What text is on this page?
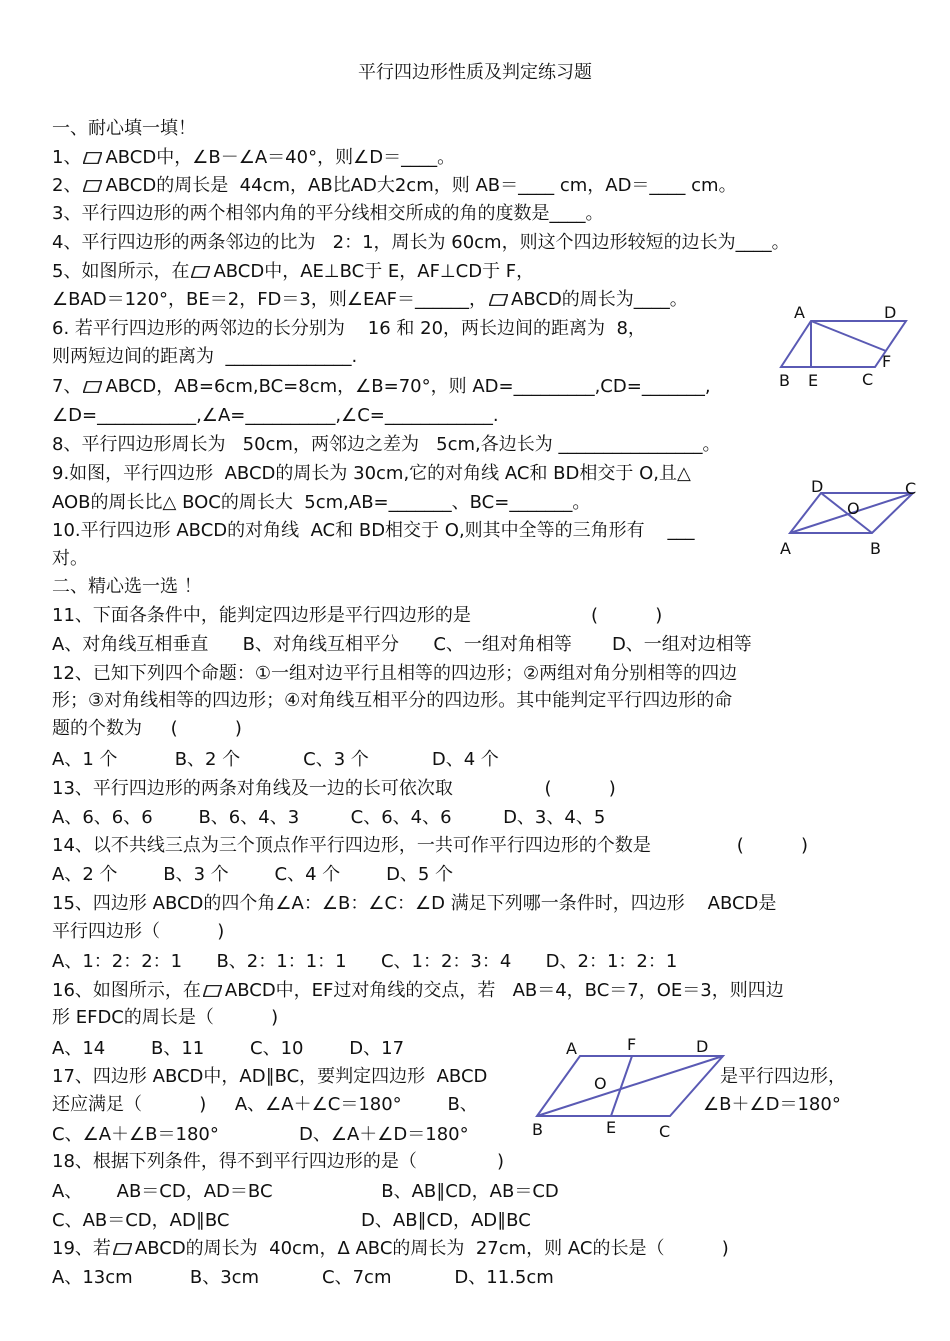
平行四边形性质及判定练习题
一、耐心填一填！
1、 ABCD中，∠B－∠A＝40°，则∠D＝____。
2、 ABCD的周长是  44cm，AB比AD大2cm，则 AB＝____ cm，AD＝____ cm。
3、平行四边形的两个相邻内角的平分线相交所成的角的度数是____。
4、平行四边形的两条邻边的比为   2：1，周长为 60cm，则这个四边形较短的边长为____。
5、如图所示，在 ABCD中，AE⊥BC于 E，AF⊥CD于 F，
∠BAD＝120°，BE＝2，FD＝3，则∠EAF＝______， ABCD的周长为____。
6. 若平行四边形的两邻边的长分别为    16 和 20，两长边间的距离为  8，
则两短边间的距离为  ______________.
7、 ABCD，AB=6cm,BC=8cm，∠B=70°，则 AD=_________,CD=_______,
∠D=___________,∠A=__________,∠C=____________.
8、平行四边形周长为   50cm，两邻边之差为   5cm,各边长为 ________________。
9.如图，平行四边形  ABCD的周长为 30cm,它的对角线 AC和 BD相交于 O,且△
AOB的周长比△ BOC的周长大  5cm,AB=_______、BC=_______。
10.平行四边形 ABCD的对角线  AC和 BD相交于 O,则其中全等的三角形有    ___
对。
二、精心选一选 ！
11、下面各条件中，能判定四边形是平行四边形的是                     (          )
A、对角线互相垂直      B、对角线互相平分      C、一组对角相等       D、一组对边相等
12、已知下列四个命题：①一组对边平行且相等的四边形；②两组对角分别相等的四边
形；③对角线相等的四边形；④对角线互相平分的四边形。其中能判定平行四边形的命
题的个数为     (          )
A、1 个          B、2 个           C、3 个           D、4 个
13、平行四边形的两条对角线及一边的长可依次取                (          )
A、6、6、6        B、6、4、3         C、6、4、6         D、3、4、5
14、以不共线三点为三个顶点作平行四边形，一共可作平行四边形的个数是               (          )
A、2 个        B、3 个        C、4 个        D、5 个
15、四边形 ABCD的四个角∠A：∠B：∠C：∠D 满足下列哪一条件时，四边形    ABCD是
平行四边形（          )
A、1：2：2：1      B、2：1：1：1      C、1：2：3：4      D、2：1：2：1
16、如图所示，在 ABCD中，EF过对角线的交点，若   AB＝4，BC＝7，OE＝3，则四边
形 EFDC的周长是（          )
A、14        B、11        C、10        D、17
17、四边形 ABCD中，AD∥BC，要判定四边形  ABCD	是平行四边形，
还应满足（          )     A、∠A＋∠C＝180°        B、	∠B＋∠D＝180°
C、∠A＋∠B＝180°              D、∠A＋∠D＝180°
18、根据下列条件，得不到平行四边形的是（              )
A、      AB＝CD，AD＝BC                   B、AB∥CD，AB＝CD
C、AB＝CD，AD∥BC                       D、AB∥CD，AD∥BC
19、若 ABCD的周长为  40cm，Δ ABC的周长为  27cm，则 AC的长是（          )
A、13cm          B、3cm           C、7cm           D、11.5cm
A	D
B E	C
F
D	C
O
A	B
A	F	D
O
B	E	C
